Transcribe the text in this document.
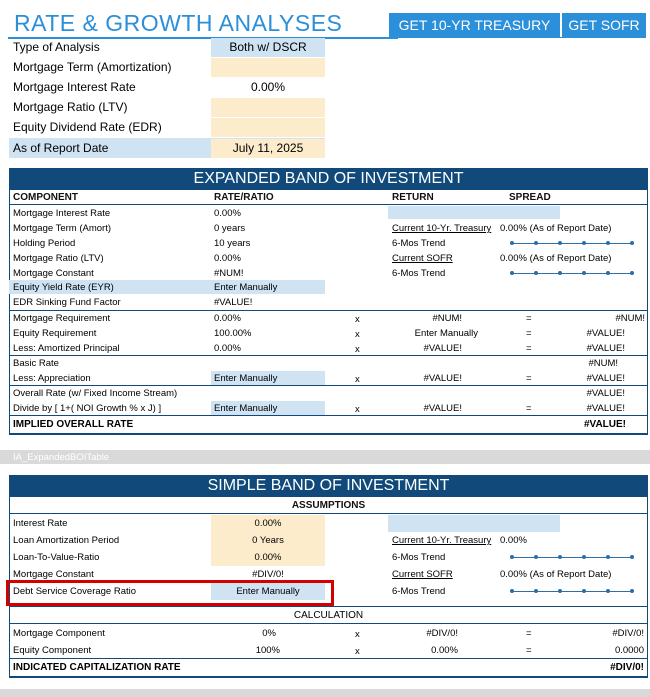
RATE & GROWTH ANALYSES	GET 10-YR TREASURY	GET SOFR
Type of Analysis	Both w/ DSCR
Mortgage Term (Amortization)
Mortgage Interest Rate	0.00%
Mortgage Ratio (LTV)
Equity Dividend Rate (EDR)
As of Report Date	July 11, 2025
EXPANDED BAND OF INVESTMENT
COMPONENT	RATE/RATIO	RETURN	SPREAD
Mortgage Interest Rate	0.00%
Mortgage Term (Amort)	0 years	Current 10-Yr. Treasury 0.00% (As of Report Date)
Holding Period	10 years	6-Mos Trend
Mortgage Ratio (LTV)	0.00%	Current SOFR	0.00% (As of Report Date)
Mortgage Constant	#NUM!	6-Mos Trend
Equity Yield Rate (EYR)	Enter Manually
EDR Sinking Fund Factor	#VALUE!
Mortgage Requirement	0.00%	x	#NUM!	=	#NUM!
Equity Requirement	100.00%	x	Enter Manually	=	#VALUE!
Less: Amortized Principal	0.00%	x	#VALUE!	=	#VALUE!
Basic Rate	#NUM!
Less: Appreciation	Enter Manually	x	#VALUE!	=	#VALUE!
Overall Rate (w/ Fixed Income Stream)	#VALUE!
Divide by [ 1+( NOI Growth % x J) ]	Enter Manually	x	#VALUE!	=	#VALUE!
IMPLIED OVERALL RATE	#VALUE!
IA_ExpandedBOITable
SIMPLE BAND OF INVESTMENT
ASSUMPTIONS
Interest Rate	0.00%
Loan Amortization Period	0 Years	Current 10-Yr. Treasury 0.00%
Loan-To-Value-Ratio	0.00%	6-Mos Trend
Mortgage Constant	#DIV/0!	Current SOFR	0.00% (As of Report Date)
Debt Service Coverage Ratio	Enter Manually	6-Mos Trend
CALCULATION
Mortgage Component	0%	x	#DIV/0!	=	#DIV/0!
Equity Component	100%	x	0.00%	=	0.0000
INDICATED CAPITALIZATION RATE	#DIV/0!
